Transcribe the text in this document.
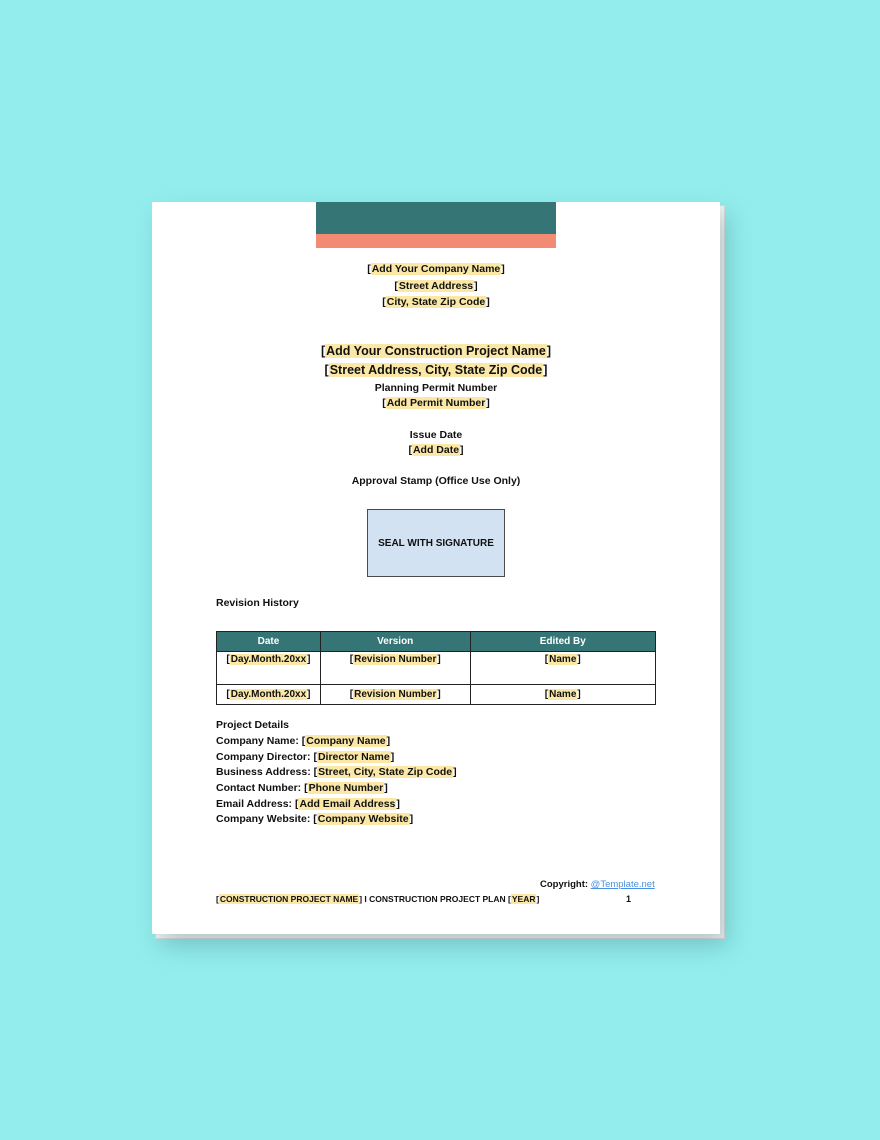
[Add Your Company Name]
[Street Address]
[City, State Zip Code]
[Add Your Construction Project Name]
[Street Address, City, State Zip Code]
Planning Permit Number
[Add Permit Number]
Issue Date
[Add Date]
Approval Stamp (Office Use Only)
SEAL WITH SIGNATURE
Revision History
Date	Version	Edited By
[Day.Month.20xx]	[Revision Number]	[Name]
[Day.Month.20xx]	[Revision Number]	[Name]
Project Details
Company Name: [Company Name]
Company Director: [Director Name]
Business Address: [Street, City, State Zip Code]
Contact Number: [Phone Number]
Email Address: [Add Email Address]
Company Website: [Company Website]
Copyright: @Template.net
[CONSTRUCTION PROJECT NAME] I CONSTRUCTION PROJECT PLAN [YEAR]	1
